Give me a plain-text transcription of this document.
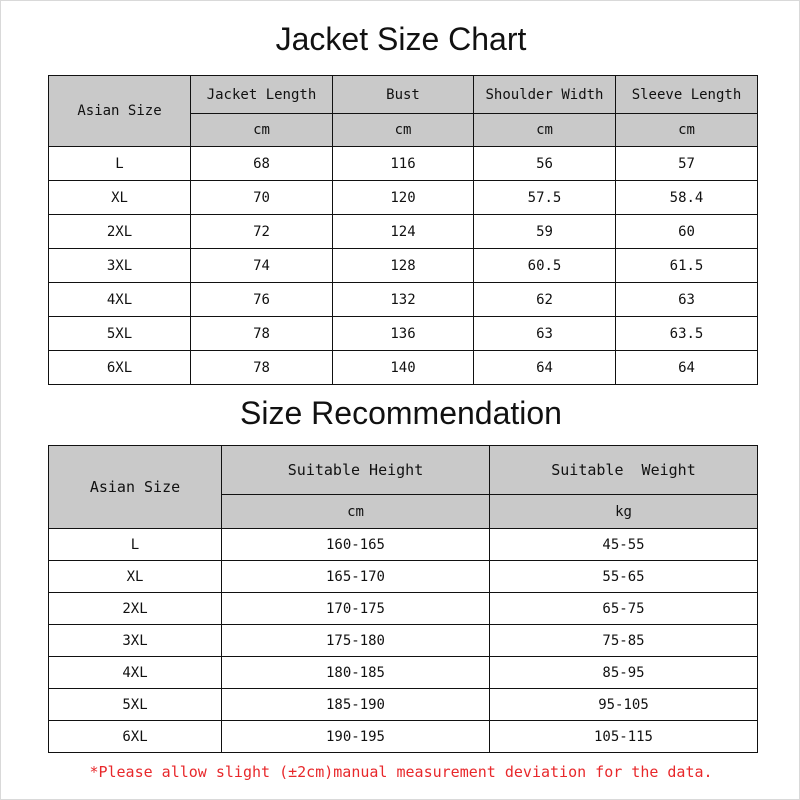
Jacket Size Chart
Asian Size	Jacket Length	Bust	Shoulder Width	Sleeve Length
	cm	cm	cm	cm
L	68	116	56	57
XL	70	120	57.5	58.4
2XL	72	124	59	60
3XL	74	128	60.5	61.5
4XL	76	132	62	63
5XL	78	136	63	63.5
6XL	78	140	64	64
Size Recommendation
Asian Size	Suitable Height	Suitable  Weight
	cm	kg
L	160-165	45-55
XL	165-170	55-65
2XL	170-175	65-75
3XL	175-180	75-85
4XL	180-185	85-95
5XL	185-190	95-105
6XL	190-195	105-115
*Please allow slight (±2cm)manual measurement deviation for the data.
